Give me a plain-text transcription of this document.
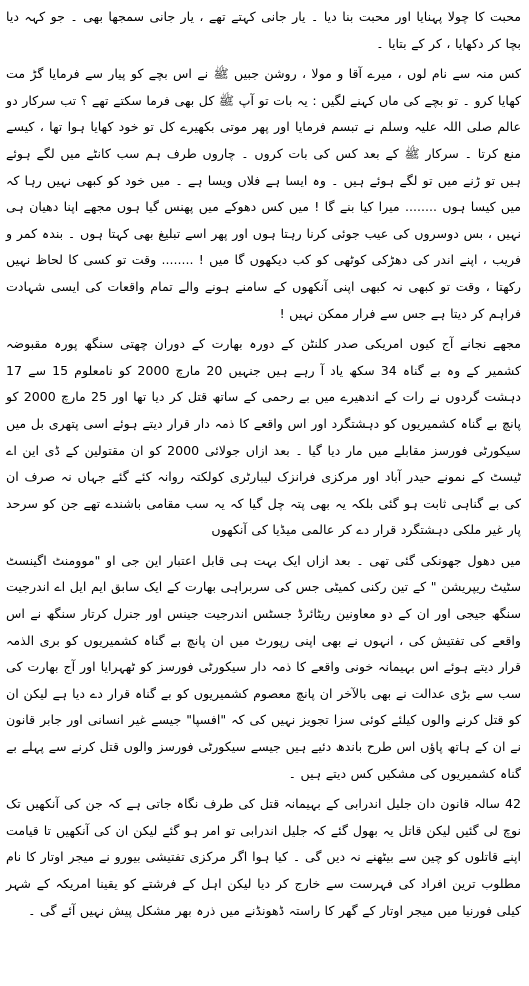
محبت کا چولا پہنایا اور محبت بنا دیا ۔ یار جانی کہتے تھے ، یار جانی سمجھا بھی ۔ جو کہہ دیا بچا کر دکھایا ، کر کے بتایا ۔

کس منہ سے نام لوں ، میرے آقا و مولا ، روشن جبیں ﷺ نے اس بچے کو پیار سے فرمایا گڑ مت کھایا کرو ۔ تو بچے کی ماں کہنے لگیں : یہ بات تو آپ ﷺ کل بھی فرما سکتے تھے ؟ تب سرکار دو عالم صلی اللہ علیہ وسلم نے تبسم فرمایا اور پھر موتی بکھیرے کل تو خود کھایا ہوا تھا ، کیسے منع کرتا ۔ سرکار ﷺ کے بعد کس کی بات کروں ۔ چاروں طرف ہم سب کانٹے میں لگے ہوئے ہیں تو ڑنے میں تو لگے ہوئے ہیں ۔ وہ ایسا ہے فلاں ویسا ہے ۔ میں خود کو کبھی نہیں رہا کہ میں کیسا ہوں ........ میرا کیا بنے گا ! میں کس دھوکے میں پھنس گیا ہوں مجھے اپنا دھیان ہی نہیں ، بس دوسروں کی عیب جوئی کرنا رہتا ہوں اور پھر اسے تبلیغ بھی کہتا ہوں ۔ بندہ کمر و فریب ، اپنے اندر کی دھڑکی کوٹھی کو کب دیکھوں گا میں ! ........ وقت تو کسی کا لحاظ نہیں رکھتا ، وقت تو کبھی نہ کبھی اپنی آنکھوں کے سامنے ہونے والے تمام واقعات کی ایسی شہادت فراہم کر دیتا ہے جس سے فرار ممکن نہیں !

مجھے نجانے آج کیوں امریکی صدر کلنٹن کے دورہ بھارت کے دوران چھتی سنگھ پورہ مقبوضہ کشمیر کے وہ بے گناہ 34 سکھ یاد آ رہے ہیں جنہیں 20 مارچ 2000 کو نامعلوم 15 سے 17 دہشت گردوں نے رات کے اندھیرے میں بے رحمی کے ساتھ قتل کر دیا تھا اور 25 مارچ 2000 کو پانچ بے گناہ کشمیریوں کو دہشتگرد اور اس واقعے کا ذمہ دار قرار دیتے ہوئے اسی پتھری بل میں سیکورٹی فورسز مقابلے میں مار دیا گیا ۔ بعد ازاں جولائی 2000 کو ان مقتولین کے ڈی این اے ٹیسٹ کے نمونے حیدر آباد اور مرکزی فرانزک لیبارٹری کولکتہ روانہ کئے گئے جہاں نہ صرف ان کی بے گناہی ثابت ہو گئی بلکہ یہ بھی پتہ چل گیا کہ یہ سب مقامی باشندے تھے جن کو سرحد پار غیر ملکی دہشتگرد قرار دے کر عالمی میڈیا کی آنکھوں

میں دھول جھونکی گئی تھی ۔ بعد ازاں ایک بہت ہی قابل اعتبار این جی او "موومنٹ اگینسٹ سٹیٹ ریپریشن " کے تین رکنی کمیٹی جس کی سربراہی بھارت کے ایک سابق ایم ایل اے اندرجیت سنگھ جیجی اور ان کے دو معاونین ریٹائرڈ جسٹس اندرجیت جینس اور جنرل کرتار سنگھ نے اس واقعے کی تفتیش کی ، انہوں نے بھی اپنی رپورٹ میں ان پانچ بے گناہ کشمیریوں کو بری الذمہ قرار دیتے ہوئے اس بہیمانہ خونی واقعے کا ذمہ دار سیکورٹی فورسز کو ٹھہرایا اور آج بھارت کی سب سے بڑی عدالت نے بھی بالآخر ان پانچ معصوم کشمیریوں کو بے گناہ قرار دے دیا ہے لیکن ان کو قتل کرنے والوں کیلئے کوئی سزا تجویز نہیں کی کہ "افسپا" جیسے غیر انسانی اور جابر قانون نے ان کے ہاتھ پاؤں اس طرح باندھ دئیے ہیں جیسے سیکورٹی فورسز والوں قتل کرنے سے پہلے بے گناہ کشمیریوں کی مشکیں کس دیتے ہیں ۔

42 سالہ قانون دان جلیل اندرابی کے بہیمانہ قتل کی طرف نگاہ جاتی ہے کہ جن کی آنکھیں تک نوچ لی گئیں لیکن قاتل یہ بھول گئے کہ جلیل اندرابی تو امر ہو گئے لیکن ان کی آنکھیں تا قیامت اپنے قاتلوں کو چین سے بیٹھنے نہ دیں گی ۔ کیا ہوا اگر مرکزی تفتیشی بیورو نے میجر اوتار کا نام مطلوب ترین افراد کی فہرست سے خارج کر دیا لیکن اہل کے فرشتے کو یقینا امریکہ کے شہر کیلی فورنیا میں میجر اوتار کے گھر کا راستہ ڈھونڈنے میں ذرہ بھر مشکل پیش نہیں آئے گی ۔
